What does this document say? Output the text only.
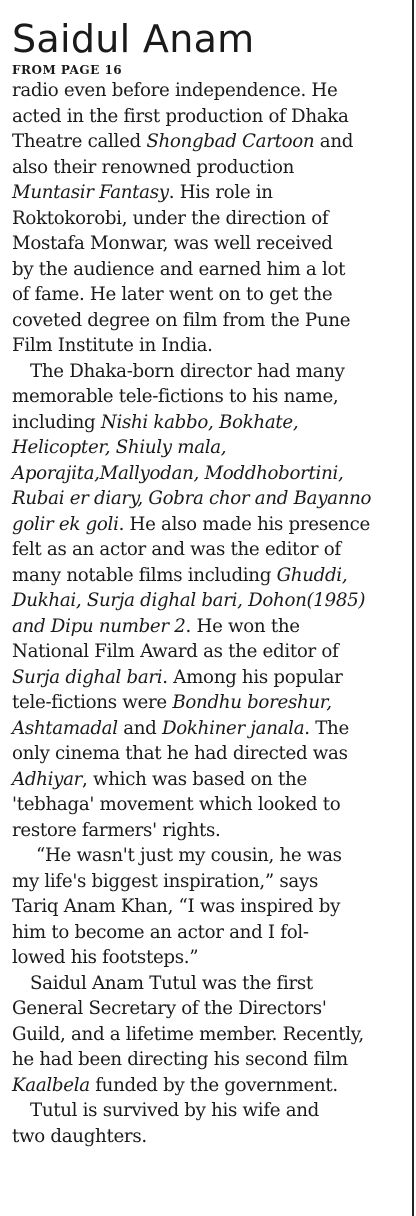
Saidul Anam

FROM PAGE 16

radio even before independence. He
acted in the first production of Dhaka
Theatre called Shongbad Cartoon and
also their renowned production
Muntasir Fantasy. His role in
Roktokorobi, under the direction of
Mostafa Monwar, was well received
by the audience and earned him a lot
of fame. He later went on to get the
coveted degree on film from the Pune
Film Institute in India.

The Dhaka-born director had many
memorable tele-fictions to his name,
including Nishi kabbo, Bokhate,
Helicopter, Shiuly mala,
Aporajita,Mallyodan, Moddhobortini,
Rubai er diary, Gobra chor and Bayanno
golir ek goli. He also made his presence
felt as an actor and was the editor of
many notable films including Ghuddi,
Dukhai, Surja dighal bari, Dohon(1985)
and Dipu number 2. He won the
National Film Award as the editor of
Surja dighal bari. Among his popular
tele-fictions were Bondhu boreshur,
Ashtamadal and Dokhiner janala. The
only cinema that he had directed was
Adhiyar, which was based on the
'tebhaga' movement which looked to
restore farmers' rights.

“He wasn't just my cousin, he was
my life's biggest inspiration,” says
Tariq Anam Khan, “I was inspired by
him to become an actor and I fol-
lowed his footsteps.”

Saidul Anam Tutul was the first
General Secretary of the Directors'
Guild, and a lifetime member. Recently,
he had been directing his second film
Kaalbela funded by the government.

Tutul is survived by his wife and
two daughters.
